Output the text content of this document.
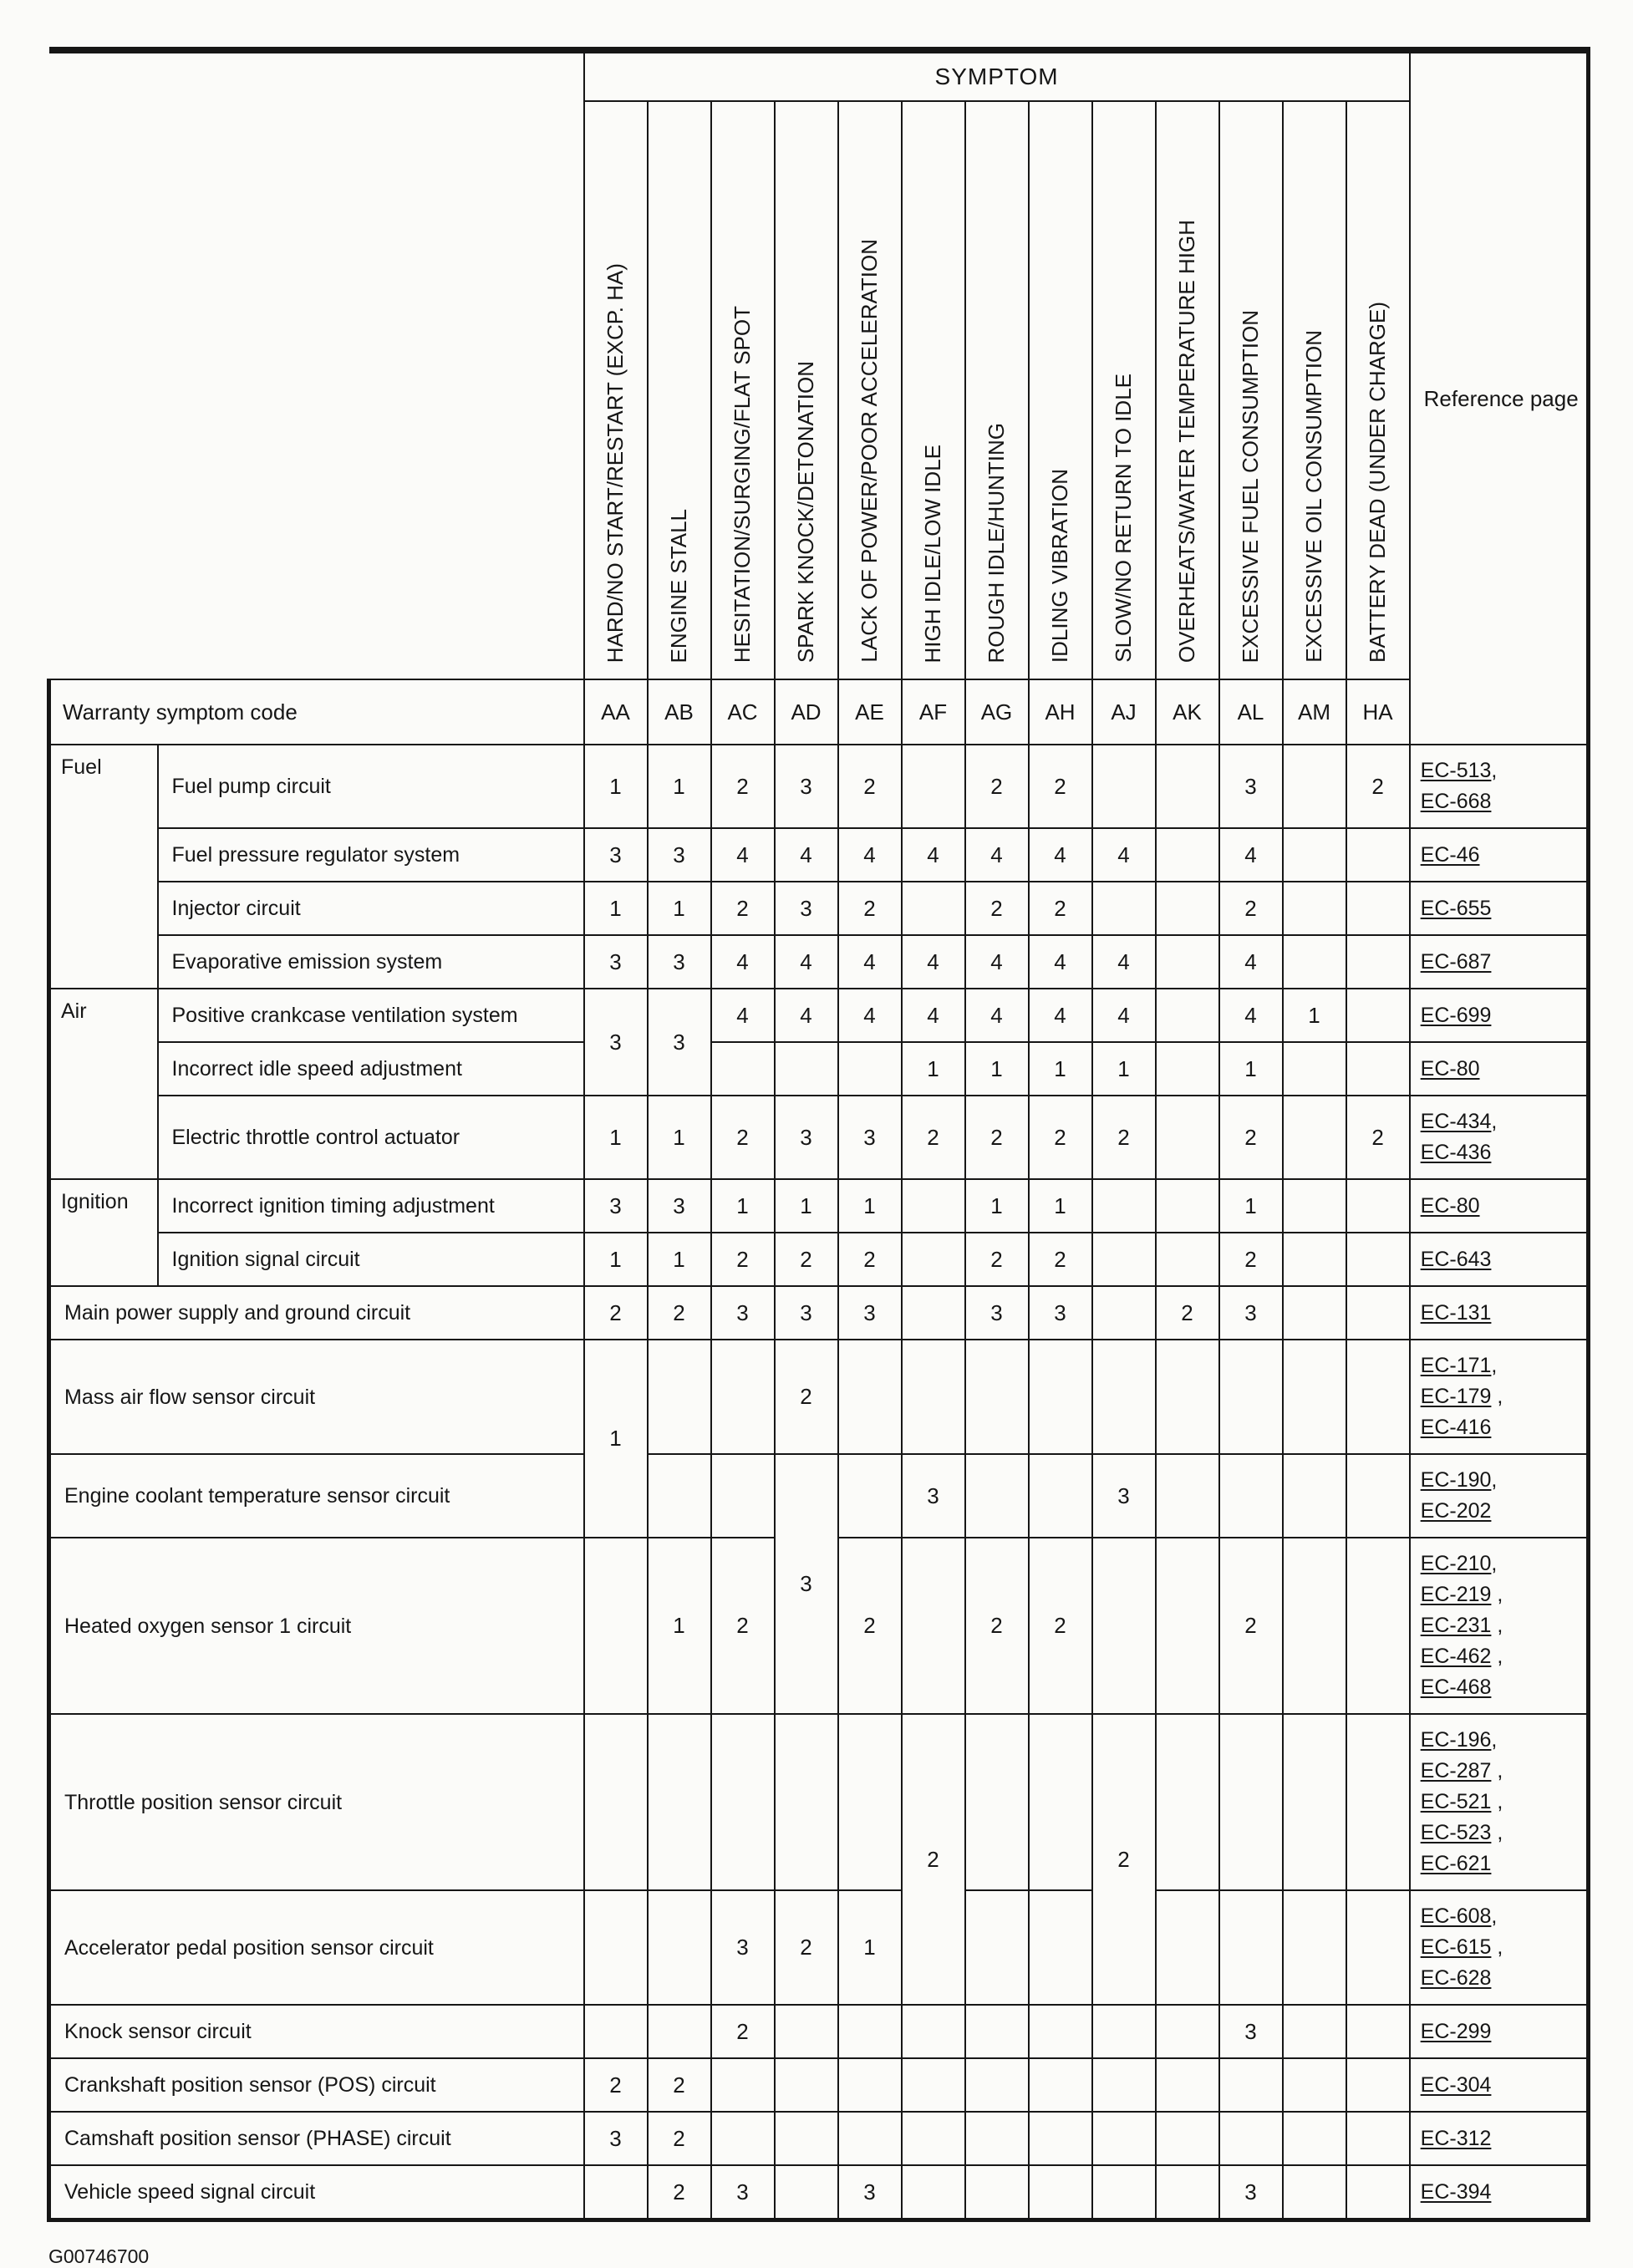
		SYMPTOM													Reference page
		HARD/NO START/RESTART (EXCP. HA)	ENGINE STALL	HESITATION/SURGING/FLAT SPOT	SPARK KNOCK/DETONATION	LACK OF POWER/POOR ACCELERATION	HIGH IDLE/LOW IDLE	ROUGH IDLE/HUNTING	IDLING VIBRATION	SLOW/NO RETURN TO IDLE	OVERHEATS/WATER TEMPERATURE HIGH	EXCESSIVE FUEL CONSUMPTION	EXCESSIVE OIL CONSUMPTION	BATTERY DEAD (UNDER CHARGE)	
Warranty symptom code		AA	AB	AC	AD	AE	AF	AG	AH	AJ	AK	AL	AM	HA	
Fuel	Fuel pump circuit	1	1	2	3	2		2	2			3		2	EC-513,
EC-668

	Fuel pressure regulator system	3	3	4	4	4	4	4	4	4		4			EC-46

	Injector circuit	1	1	2	3	2		2	2			2			EC-655

	Evaporative emission system	3	3	4	4	4	4	4	4	4		4			EC-687

Air	Positive crankcase ventilation system	3	3	4	4	4	4	4	4	4		4	1		EC-699

	Incorrect idle speed adjustment						1	1	1	1		1			EC-80

	Electric throttle control actuator	1	1	2	3	3	2	2	2	2		2		2	EC-434,
EC-436

Ignition	Incorrect ignition timing adjustment	3	3	1	1	1		1	1			1			EC-80

	Ignition signal circuit	1	1	2	2	2		2	2			2			EC-643

Main power supply and ground circuit		2	2	3	3	3		3	3		2	3			EC-131

Mass air flow sensor circuit		1			2										EC-171,
EC-179 ,
EC-416

Engine coolant temperature sensor circuit					3		3			3					EC-190,
EC-202

Heated oxygen sensor 1 circuit			1	2		2		2	2			2			EC-210,
EC-219 ,
EC-231 ,
EC-462 ,
EC-468

Throttle position sensor circuit							2			2					EC-196,
EC-287 ,
EC-521 ,
EC-523 ,
EC-621

Accelerator pedal position sensor circuit				3	2	1									EC-608,
EC-615 ,
EC-628

Knock sensor circuit				2								3			EC-299

Crankshaft position sensor (POS) circuit		2	2												EC-304

Camshaft position sensor (PHASE) circuit		3	2												EC-312

Vehicle speed signal circuit			2	3		3						3			EC-394
G00746700
